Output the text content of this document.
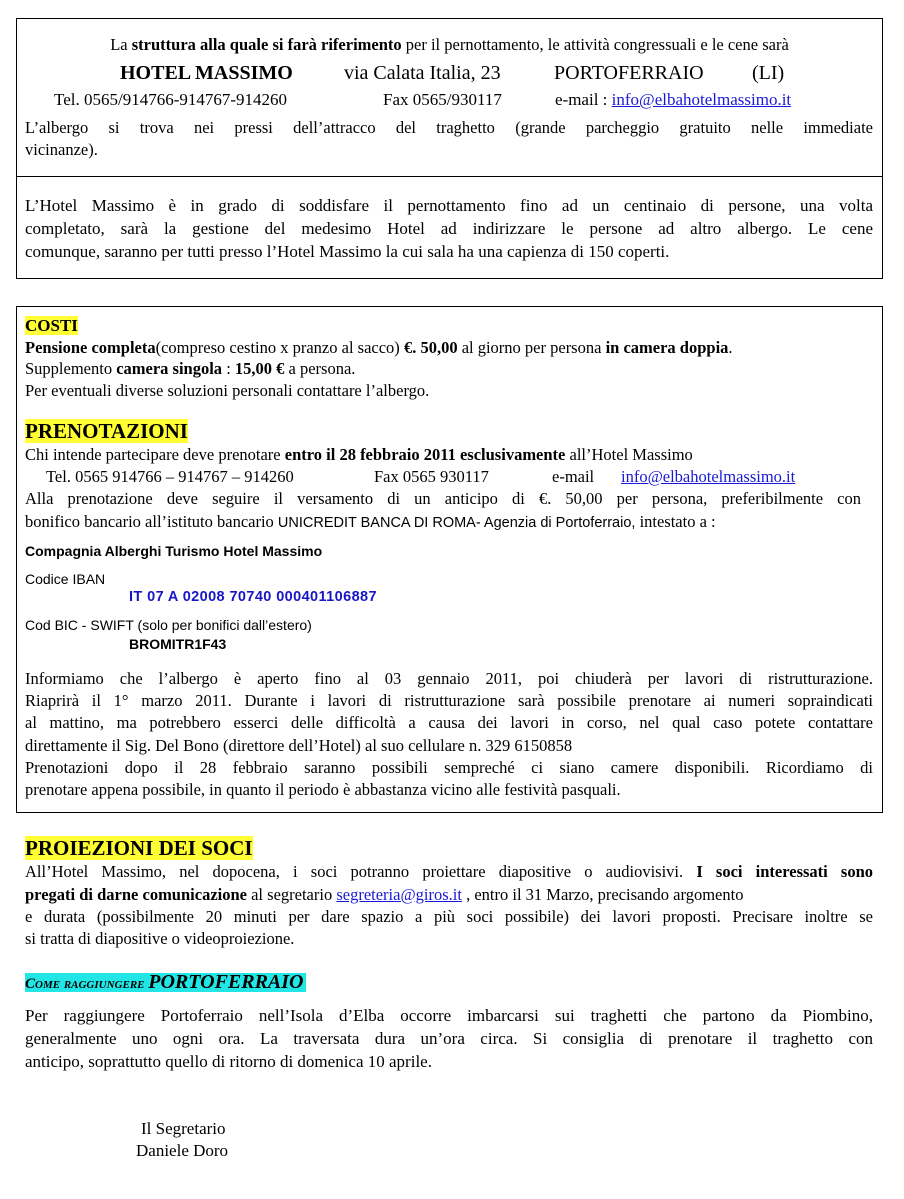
La struttura alla quale si farà riferimento per il pernottamento, le attività congressuali e le cene sarà
HOTEL MASSIMO	via Calata Italia, 23	PORTOFERRAIO (LI)
Tel. 0565/914766-914767-914260	Fax 0565/930117	e-mail : info@elbahotelmassimo.it
L’albergo si trova nei pressi dell’attracco del traghetto (grande parcheggio gratuito nelle immediate
vicinanze).
L’Hotel Massimo è in grado di soddisfare il pernottamento fino ad un centinaio di persone, una volta
completato, sarà la gestione del medesimo Hotel ad indirizzare le persone ad altro albergo. Le cene
comunque, saranno per tutti presso l’Hotel Massimo la cui sala ha una capienza di 150 coperti.
COSTI
Pensione completa(compreso cestino x pranzo al sacco) €. 50,00 al giorno per persona in camera doppia.
Supplemento camera singola : 15,00 € a persona.
Per eventuali diverse soluzioni personali contattare l’albergo.
PRENOTAZIONI
Chi intende partecipare deve prenotare entro il 28 febbraio 2011 esclusivamente all’Hotel Massimo
Tel. 0565 914766 – 914767 – 914260	Fax 0565 930117	e-mail info@elbahotelmassimo.it
Alla prenotazione deve seguire il versamento di un anticipo di €. 50,00 per persona, preferibilmente con
bonifico bancario all’istituto bancario UNICREDIT BANCA DI ROMA- Agenzia di Portoferraio, intestato a :
Compagnia Alberghi Turismo Hotel Massimo
Codice IBAN
IT 07 A 02008 70740 000401106887
Cod BIC - SWIFT (solo per bonifici dall’estero)
BROMITR1F43
Informiamo che l’albergo è aperto fino al 03 gennaio 2011, poi chiuderà per lavori di ristrutturazione.
Riaprirà il 1° marzo 2011. Durante i lavori di ristrutturazione sarà possibile prenotare ai numeri sopraindicati
al mattino, ma potrebbero esserci delle difficoltà a causa dei lavori in corso, nel qual caso potete contattare
direttamente il Sig. Del Bono (direttore dell’Hotel) al suo cellulare n. 329 6150858
Prenotazioni dopo il 28 febbraio saranno possibili sempreché ci siano camere disponibili. Ricordiamo di
prenotare appena possibile, in quanto il periodo è abbastanza vicino alle festività pasquali.
PROIEZIONI DEI SOCI
All’Hotel Massimo, nel dopocena, i soci potranno proiettare diapositive o audiovisivi. I soci interessati sono
pregati di darne comunicazione al segretario segreteria@giros.it , entro il 31 Marzo, precisando argomento
e durata (possibilmente 20 minuti per dare spazio a più soci possibile) dei lavori proposti. Precisare inoltre se
si tratta di diapositive o videoproiezione.
Come raggiungere PORTOFERRAIO
Per raggiungere Portoferraio nell’Isola d’Elba occorre imbarcarsi sui traghetti che partono da Piombino,
generalmente uno ogni ora. La traversata dura un’ora circa. Si consiglia di prenotare il traghetto con
anticipo, soprattutto quello di ritorno di domenica 10 aprile.
Il Segretario
Daniele Doro
